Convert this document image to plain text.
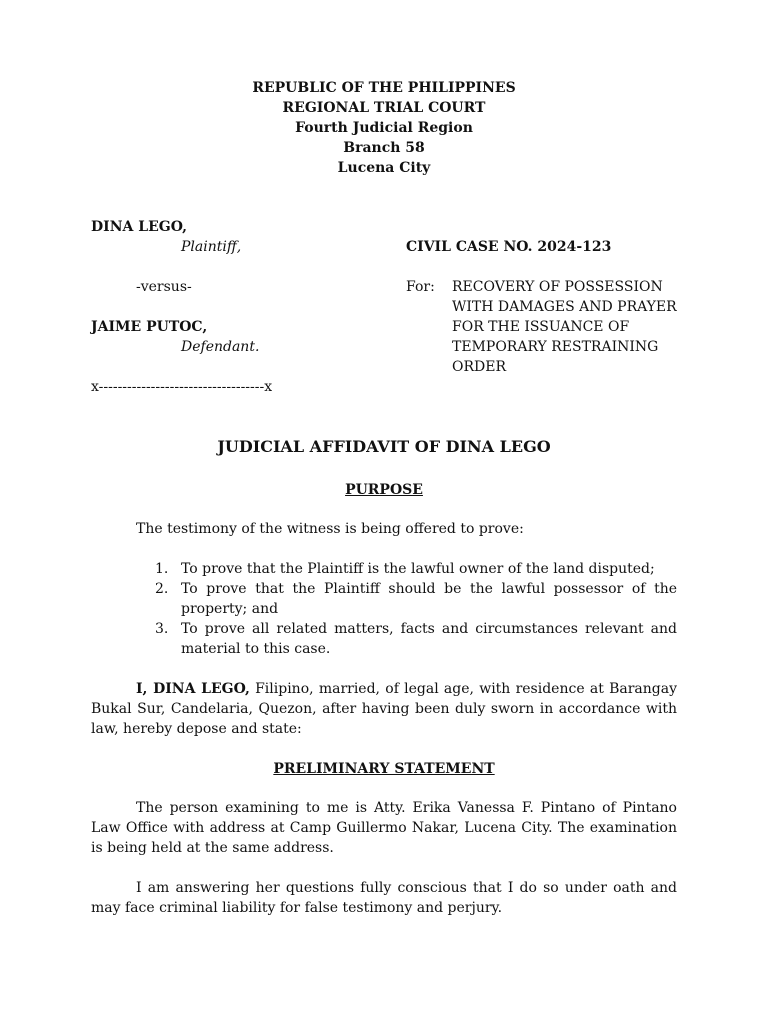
REPUBLIC OF THE PHILIPPINES
REGIONAL TRIAL COURT
Fourth Judicial Region
Branch 58
Lucena City
DINA LEGO,
Plaintiff,	CIVIL CASE NO. 2024-123
-versus-	For: RECOVERY OF POSSESSION
WITH DAMAGES AND PRAYER
FOR THE ISSUANCE OF
TEMPORARY RESTRAINING
ORDER
JAIME PUTOC,
Defendant.
x-----------------------------------x
JUDICIAL AFFIDAVIT OF DINA LEGO
PURPOSE
The testimony of the witness is being offered to prove:
1. To prove that the Plaintiff is the lawful owner of the land disputed;
2. To prove that the Plaintiff should be the lawful possessor of the property; and
3. To prove all related matters, facts and circumstances relevant and material to this case.
I, DINA LEGO, Filipino, married, of legal age, with residence at Barangay Bukal Sur, Candelaria, Quezon, after having been duly sworn in accordance with law, hereby depose and state:
PRELIMINARY STATEMENT
The person examining to me is Atty. Erika Vanessa F. Pintano of Pintano Law Office with address at Camp Guillermo Nakar, Lucena City. The examination is being held at the same address.
I am answering her questions fully conscious that I do so under oath and may face criminal liability for false testimony and perjury.
